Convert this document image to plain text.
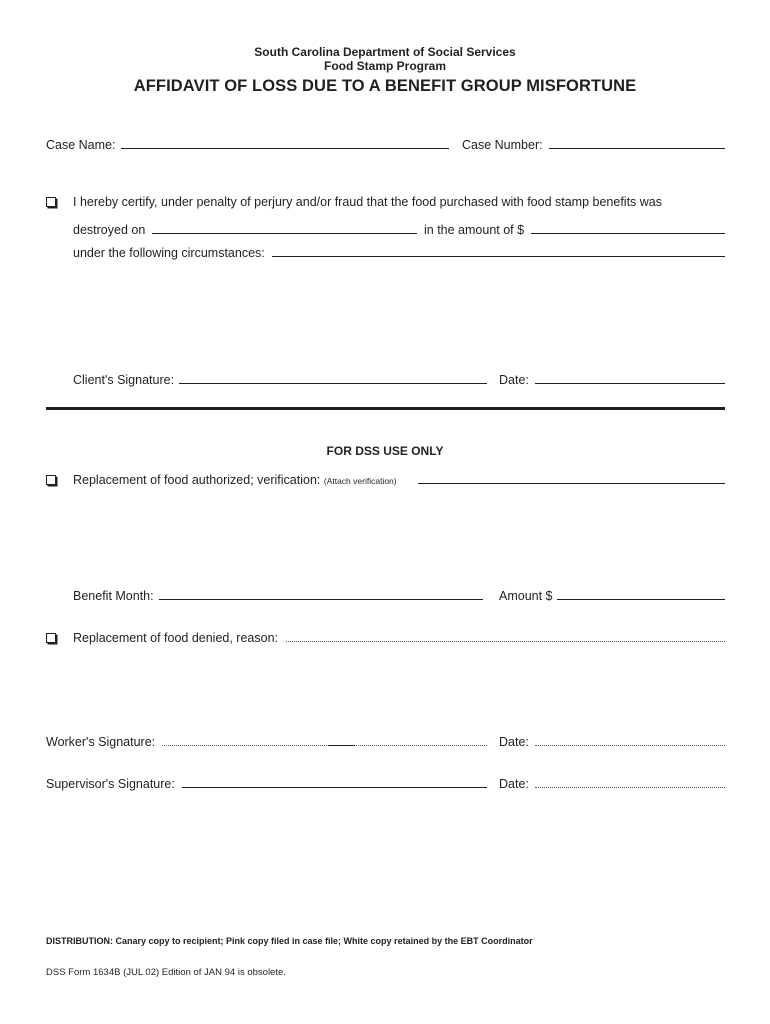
South Carolina Department of Social Services
Food Stamp Program
AFFIDAVIT OF LOSS DUE TO A BENEFIT GROUP MISFORTUNE
Case Name:	Case Number:
I hereby certify, under penalty of perjury and/or fraud that the food purchased with food stamp benefits was
destroyed on	in the amount of $
under the following circumstances:
Client's Signature:	Date:
FOR DSS USE ONLY
Replacement of food authorized; verification: (Attach verification)
Benefit Month:	Amount $
Replacement of food denied, reason:
Worker's Signature:	Date:
Supervisor's Signature:	Date:
DISTRIBUTION: Canary copy to recipient; Pink copy filed in case file; White copy retained by the EBT Coordinator
DSS Form 1634B (JUL 02) Edition of JAN 94 is obsolete.
